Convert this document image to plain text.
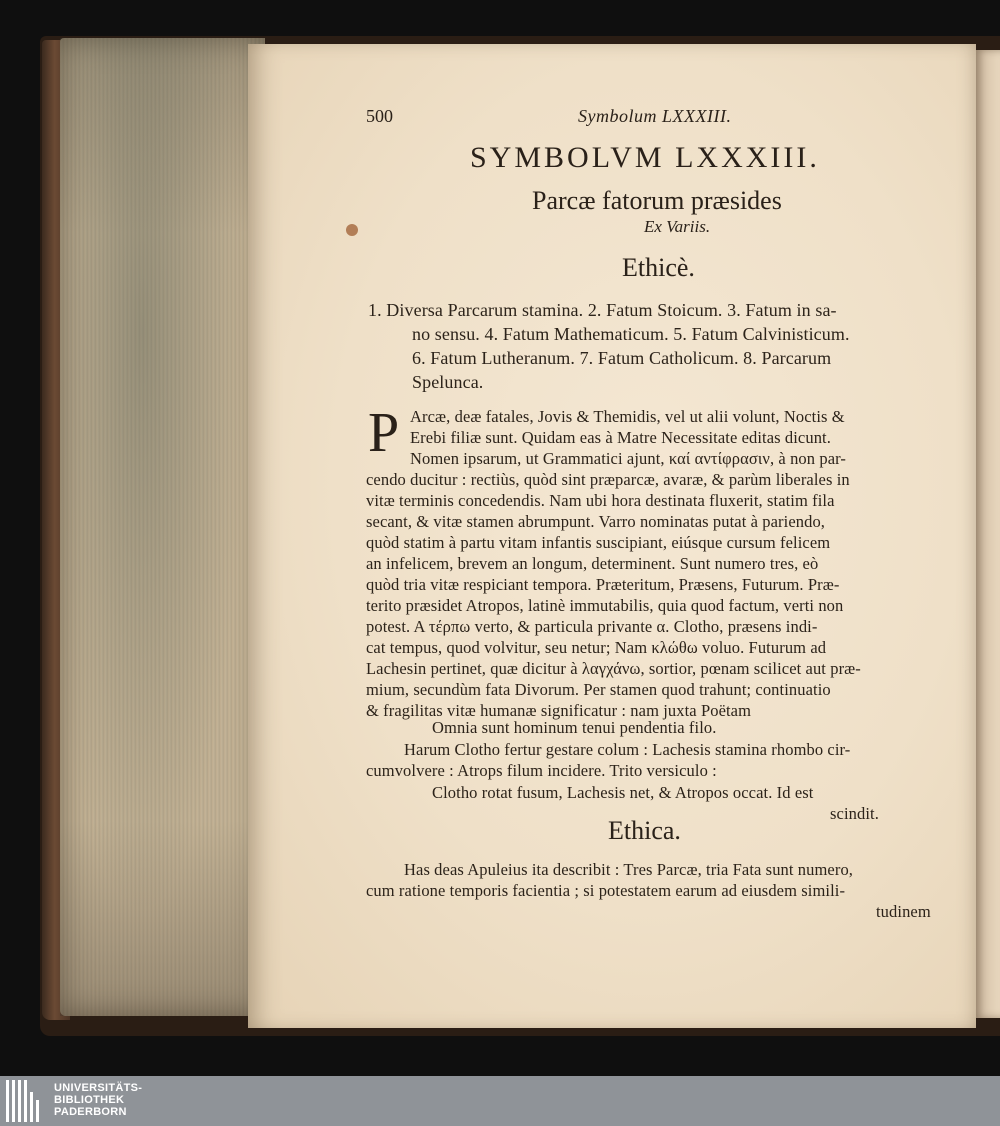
500	Symbolum LXXXIII.
SYMBOLVM LXXXIII.
Parcæ fatorum præsides
Ex Variis.
Ethicè.
1. Diversa Parcarum stamina. 2. Fatum Stoicum. 3. Fatum in sa-
no sensu. 4. Fatum Mathematicum. 5. Fatum Calvinisticum.
6. Fatum Lutheranum. 7. Fatum Catholicum. 8. Parcarum
Spelunca.
P Arcæ, deæ fatales, Jovis & Themidis, vel ut alii volunt, Noctis &
Erebi filiæ sunt. Quidam eas à Matre Necessitate editas dicunt.
Nomen ipsarum, ut Grammatici ajunt, καί αντίφρασιν, à non par-
cendo ducitur : rectiùs, quòd sint præparcæ, avaræ, & parùm liberales in
vitæ terminis concedendis. Nam ubi hora destinata fluxerit, statim fila
secant, & vitæ stamen abrumpunt. Varro nominatas putat à pariendo,
quòd statim à partu vitam infantis suscipiant, eiúsque cursum felicem
an infelicem, brevem an longum, determinent. Sunt numero tres, eò
quòd tria vitæ respiciant tempora. Præteritum, Præsens, Futurum. Præ-
terito præsidet Atropos, latinè immutabilis, quia quod factum, verti non
potest. A τέρπω verto, & particula privante α. Clotho, præsens indi-
cat tempus, quod volvitur, seu netur; Nam κλώθω voluo. Futurum ad
Lachesin pertinet, quæ dicitur à λαγχάνω, sortior, pœnam scilicet aut præ-
mium, secundùm fata Divorum. Per stamen quod trahunt; continuatio
& fragilitas vitæ humanæ significatur : nam juxta Poëtam
Omnia sunt hominum tenui pendentia filo.
Harum Clotho fertur gestare colum : Lachesis stamina rhombo cir-
cumvolvere : Atrops filum incidere. Trito versiculo :
Clotho rotat fusum, Lachesis net, & Atropos occat. Id est
scindit.
Ethica.
Has deas Apuleius ita describit : Tres Parcæ, tria Fata sunt numero,
cum ratione temporis facientia ; si potestatem earum ad eiusdem simili-
tudinem
UNIVERSITÄTS-
BIBLIOTHEK
PADERBORN
